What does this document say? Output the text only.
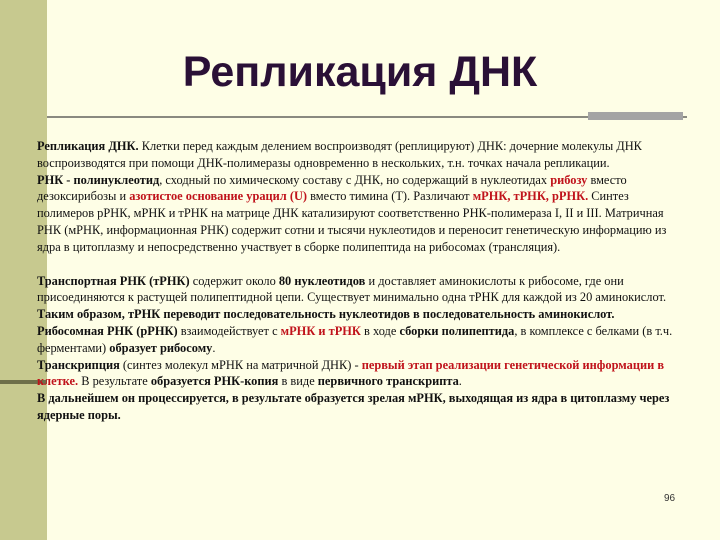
Репликация ДНК

Репликация ДНК. Клетки перед каждым делением воспроизводят (реплицируют) ДНК: дочерние молекулы ДНК воспроизводятся при помощи ДНК-полимеразы одновременно в нескольких, т.н. точках начала репликации.

РНК - полинуклеотид, сходный по химическому составу с ДНК, но содержащий в нуклеотидах рибозу вместо дезоксирибозы и азотистое основание урацил (U) вместо тимина (Т). Различают мРНК, тРНК, рРНК. Синтез полимеров рРНК, мРНК и тРНК на матрице ДНК катализируют соответственно РНК-полимераза I, II и III. Матричная РНК (мРНК, информационная РНК) содержит сотни и тысячи нуклеотидов и переносит генетическую информацию из ядра в цитоплазму и непосредственно участвует в сборке полипептида на рибосомах (трансляция).

Транспортная РНК (тРНК) содержит около 80 нуклеотидов и доставляет аминокислоты к рибосоме, где они присоединяются к растущей полипептидной цепи. Существует минимально одна тРНК для каждой из 20 аминокислот. Таким образом, тРНК переводит последовательность нуклеотидов в последовательность аминокислот.

Рибосомная РНК (рРНК) взаимодействует с мРНК и тРНК в ходе сборки полипептида, в комплексе с белками (в т.ч. ферментами) образует рибосому.

Транскрипция (синтез молекул мРНК на матричной ДНК) - первый этап реализации генетической информации в клетке. В результате образуется РНК-копия в виде первичного транскрипта.

В дальнейшем он процессируется, в результате образуется зрелая мРНК, выходящая из ядра в цитоплазму через ядерные поры.

96
